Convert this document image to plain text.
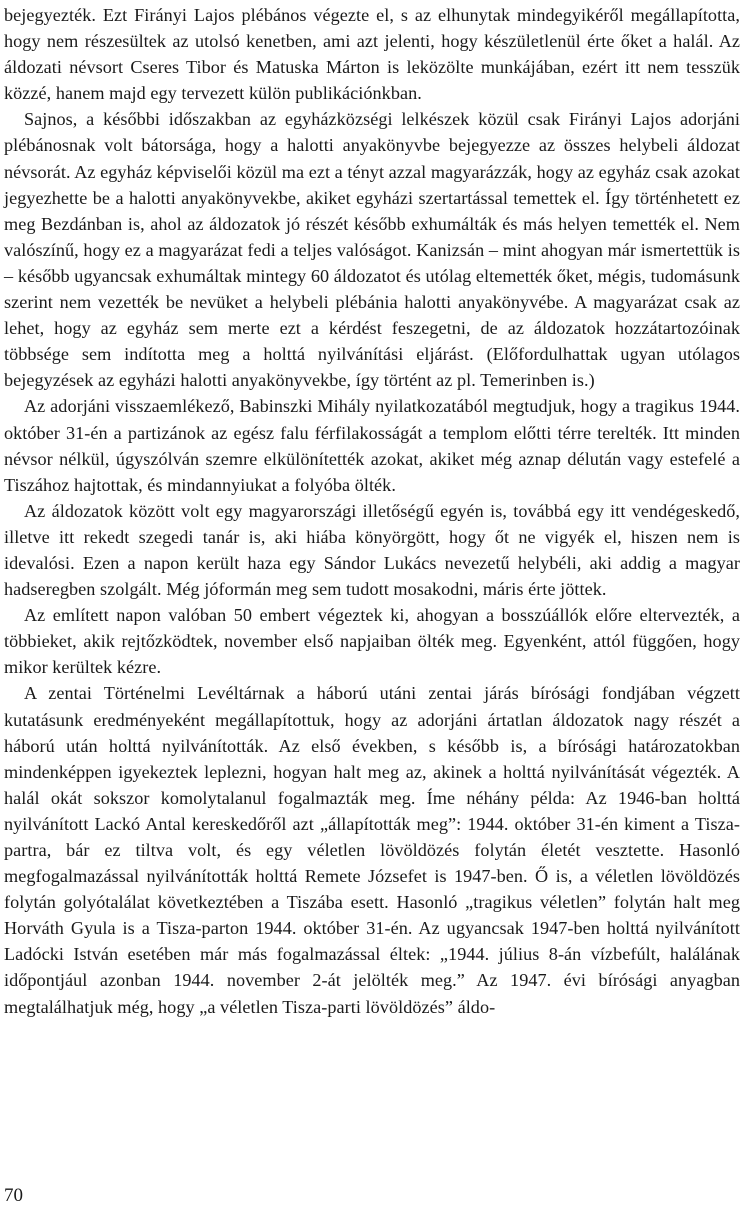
bejegyezték. Ezt Firányi Lajos plébános végezte el, s az elhunytak mindegyikéről megállapította, hogy nem részesültek az utolsó kenetben, ami azt jelenti, hogy készületlenül érte őket a halál. Az áldozati névsort Cseres Tibor és Matuska Márton is leközölte munkájában, ezért itt nem tesszük közzé, hanem majd egy tervezett külön publikációnkban.

Sajnos, a későbbi időszakban az egyházközségi lelkészek közül csak Firányi Lajos adorjáni plébánosnak volt bátorsága, hogy a halotti anyakönyvbe bejegyezze az összes helybeli áldozat névsorát. Az egyház képviselői közül ma ezt a tényt azzal magyarázzák, hogy az egyház csak azokat jegyezhette be a halotti anyakönyvekbe, akiket egyházi szertartással temettek el. Így történhetett ez meg Bezdánban is, ahol az áldozatok jó részét később exhumálták és más helyen temették el. Nem valószínű, hogy ez a magyarázat fedi a teljes valóságot. Kanizsán – mint ahogyan már ismertettük is – később ugyancsak exhumáltak mintegy 60 áldozatot és utólag eltemették őket, mégis, tudomásunk szerint nem vezették be nevüket a helybeli plébánia halotti anyakönyvébe. A magyarázat csak az lehet, hogy az egyház sem merte ezt a kérdést feszegetni, de az áldozatok hozzátartozóinak többsége sem indította meg a holttá nyilvánítási eljárást. (Előfordulhattak ugyan utólagos bejegyzések az egyházi halotti anyakönyvekbe, így történt az pl. Temerinben is.)

Az adorjáni visszaemlékező, Babinszki Mihály nyilatkozatából megtudjuk, hogy a tragikus 1944. október 31-én a partizánok az egész falu férfilakosságát a templom előtti térre terelték. Itt minden névsor nélkül, úgyszólván szemre elkülönítették azokat, akiket még aznap délután vagy estefelé a Tiszához hajtottak, és mindannyiukat a folyóba ölték.

Az áldozatok között volt egy magyarországi illetőségű egyén is, továbbá egy itt vendégeskedő, illetve itt rekedt szegedi tanár is, aki hiába könyörgött, hogy őt ne vigyék el, hiszen nem is idevalósi. Ezen a napon került haza egy Sándor Lukács nevezetű helybéli, aki addig a magyar hadseregben szolgált. Még jóformán meg sem tudott mosakodni, máris érte jöttek.

Az említett napon valóban 50 embert végeztek ki, ahogyan a bosszúállók előre eltervezték, a többieket, akik rejtőzködtek, november első napjaiban ölték meg. Egyenként, attól függően, hogy mikor kerültek kézre.

A zentai Történelmi Levéltárnak a háború utáni zentai járás bírósági fondjában végzett kutatásunk eredményeként megállapítottuk, hogy az adorjáni ártatlan áldozatok nagy részét a háború után holttá nyilvánították. Az első években, s később is, a bírósági határozatokban mindenképpen igyekeztek leplezni, hogyan halt meg az, akinek a holttá nyilvánítását végezték. A halál okát sokszor komolytalanul fogalmazták meg. Íme néhány példa: Az 1946-ban holttá nyilvánított Lackó Antal kereskedőről azt „állapították meg”: 1944. október 31-én kiment a Tisza-partra, bár ez tiltva volt, és egy véletlen lövöldözés folytán életét vesztette. Hasonló megfogalmazással nyilvánították holttá Remete Józsefet is 1947-ben. Ő is, a véletlen lövöldözés folytán golyótalálat következtében a Tiszába esett. Hasonló „tragikus véletlen” folytán halt meg Horváth Gyula is a Tisza-parton 1944. október 31-én. Az ugyancsak 1947-ben holttá nyilvánított Ladócki István esetében már más fogalmazással éltek: „1944. július 8-án vízbefúlt, halálának időpontjául azonban 1944. november 2-át jelölték meg.” Az 1947. évi bírósági anyagban megtalálhatjuk még, hogy „a véletlen Tisza-parti lövöldözés” áldo-

70
